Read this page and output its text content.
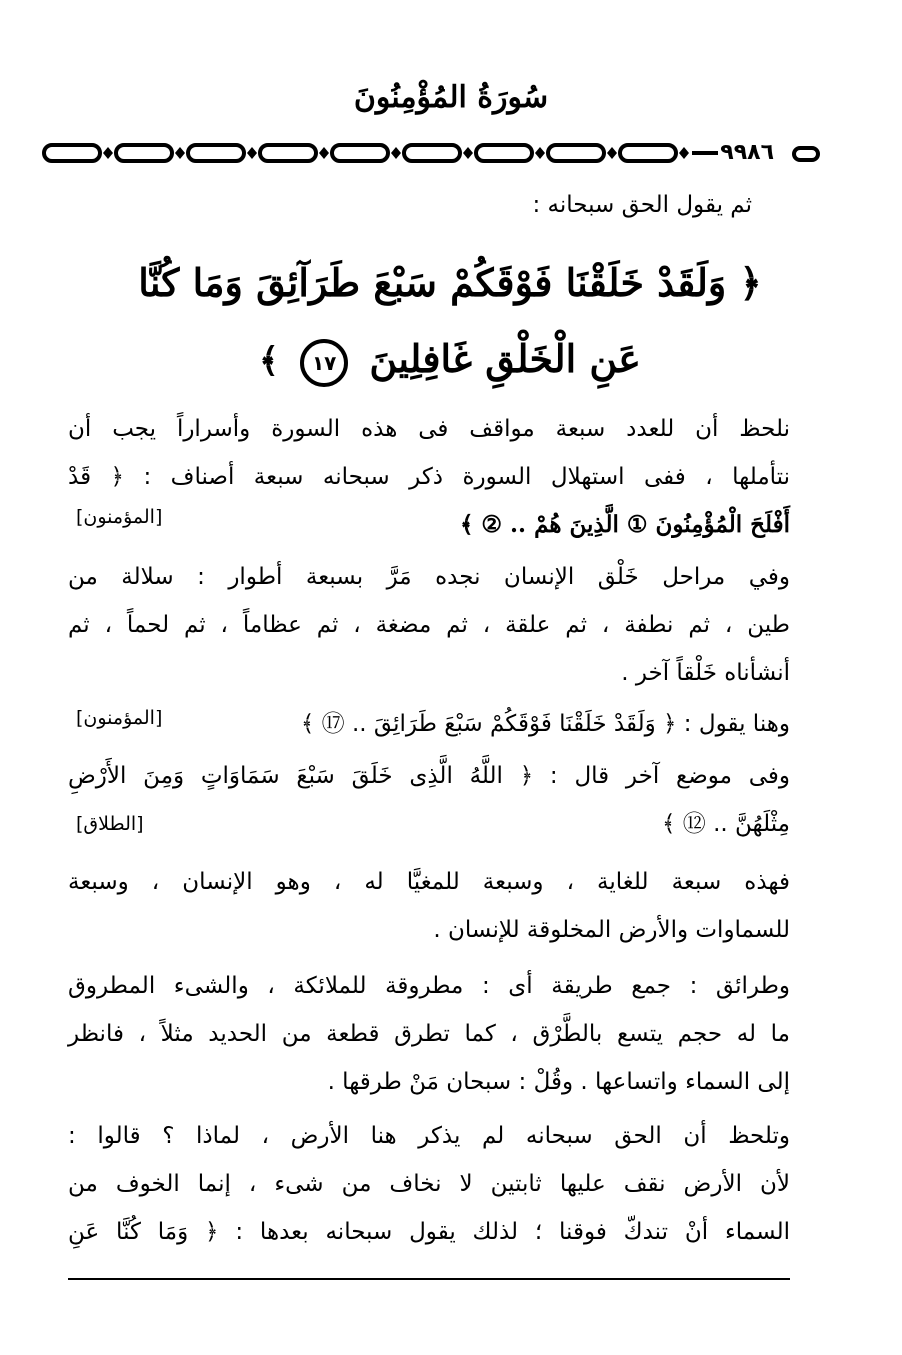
سُورَةُ المُؤْمِنُونَ
٩٩٨٦
ثم يقول الحق سبحانه :
﴿ وَلَقَدْ خَلَقْنَا فَوْقَكُمْ سَبْعَ طَرَآئِقَ وَمَا كُنَّا
عَنِ الْخَلْقِ غَافِلِينَ ١٧ ﴾
نلحظ أن للعدد سبعة مواقف فى هذه السورة وأسراراً يجب أن
نتأملها ، ففى استهلال السورة ذكر سبحانه سبعة أصناف : ﴿ قَدْ
أَفْلَحَ الْمُؤْمِنُونَ ① الَّذِينَ هُمْ .. ② ﴾
[المؤمنون]
وفي مراحل خَلْق الإنسان نجده مَرَّ بسبعة أطوار : سلالة من
طين ، ثم نطفة ، ثم علقة ، ثم مضغة ، ثم عظاماً ، ثم لحماً ، ثم
أنشأناه خَلْقاً آخر .
وهنا يقول : ﴿ وَلَقَدْ خَلَقْنَا فَوْقَكُمْ سَبْعَ طَرَائِقَ .. ⑰ ﴾
[المؤمنون]
وفى موضع آخر قال : ﴿ اللَّهُ الَّذِى خَلَقَ سَبْعَ سَمَاوَاتٍ وَمِنَ الأَرْضِ
مِثْلَهُنَّ .. ⑫ ﴾
[الطلاق]
فهذه سبعة للغاية ، وسبعة للمغيَّا له ، وهو الإنسان ، وسبعة
للسماوات والأرض المخلوقة للإنسان .
وطرائق : جمع طريقة أى : مطروقة للملائكة ، والشىء المطروق
ما له حجم يتسع بالطَّرْق ، كما تطرق قطعة من الحديد مثلاً ، فانظر
إلى السماء واتساعها . وقُلْ : سبحان مَنْ طرقها .
وتلحظ أن الحق سبحانه لم يذكر هنا الأرض ، لماذا ؟ قالوا :
لأن الأرض نقف عليها ثابتين لا نخاف من شىء ، إنما الخوف من
السماء أنْ تندكّ فوقنا ؛ لذلك يقول سبحانه بعدها : ﴿ وَمَا كُنَّا عَنِ
